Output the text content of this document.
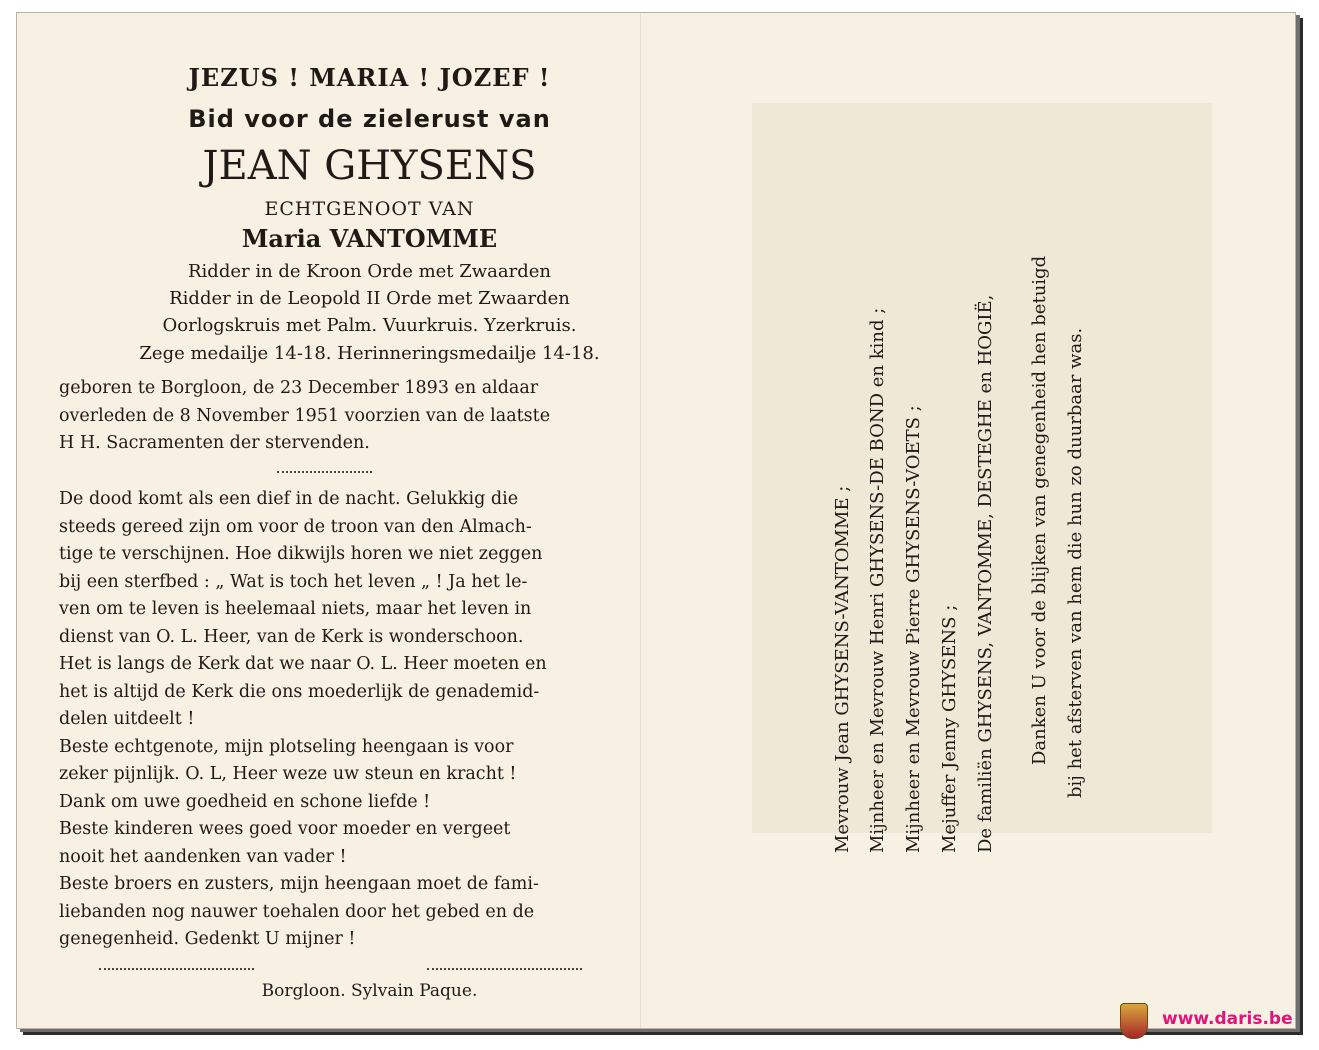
JEZUS ! MARIA ! JOZEF !

Bid voor de zielerust van

JEAN GHYSENS

ECHTGENOOT VAN

Maria VANTOMME

Ridder in de Kroon Orde met Zwaarden

Ridder in de Leopold II Orde met Zwaarden

Oorlogskruis met Palm. Vuurkruis. Yzerkruis.

Zege medailje 14-18. Herinneringsmedailje 14-18.

geboren te Borgloon, de 23 December 1893 en aldaar
overleden de 8 November 1951 voorzien van de laatste
H H. Sacramenten der stervenden.
De dood komt als een dief in de nacht. Gelukkig die
steeds gereed zijn om voor de troon van den Almach-
tige te verschijnen. Hoe dikwijls horen we niet zeggen
bij een sterfbed : „ Wat is toch het leven „ ! Ja het le-
ven om te leven is heelemaal niets, maar het leven in
dienst van O. L. Heer, van de Kerk is wonderschoon.
Het is langs de Kerk dat we naar O. L. Heer moeten en
het is altijd de Kerk die ons moederlijk de genademid-
delen uitdeelt !
Beste echtgenote, mijn plotseling heengaan is voor
zeker pijnlijk. O. L, Heer weze uw steun en kracht !
Dank om uwe goedheid en schone liefde !
Beste kinderen wees goed voor moeder en vergeet
nooit het aandenken van vader !
Beste broers en zusters, mijn heengaan moet de fami-
liebanden nog nauwer toehalen door het gebed en de
genegenheid. Gedenkt U mijner !

Borgloon. Sylvain Paque.

Mevrouw Jean GHYSENS-VANTOMME ; Mijnheer en Mevrouw Henri GHYSENS-DE BOND en kind ; Mijnheer en Mevrouw Pierre GHYSENS-VOETS ; Mejuffer Jenny GHYSENS ; De familiën GHYSENS, VANTOMME, DESTEGHE en HOGIË, Danken U voor de blijken van genegenheid hen betuigd bij het afsterven van hem die hun zo duurbaar was.

www.daris.be
